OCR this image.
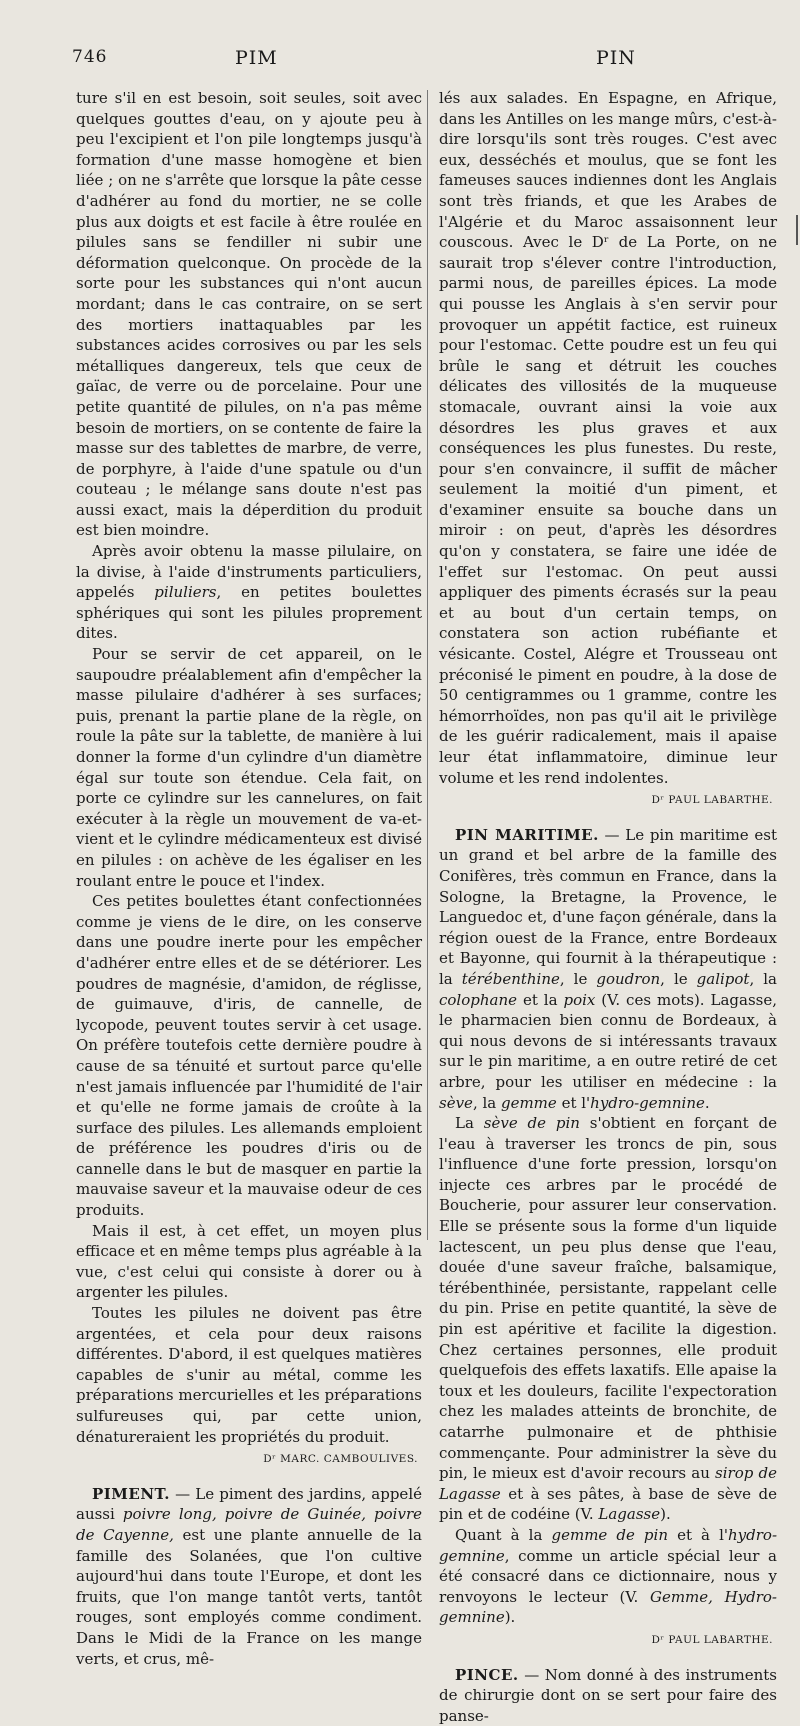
746	PIM	PIN

ture s'il en est besoin, soit seules, soit avec quelques gouttes d'eau, on y ajoute peu à peu l'excipient et l'on pile longtemps jusqu'à formation d'une masse homogène et bien liée ; on ne s'arrête que lorsque la pâte cesse d'adhérer au fond du mortier, ne se colle plus aux doigts et est facile à être roulée en pilules sans se fendiller ni subir une déformation quelconque. On procède de la sorte pour les substances qui n'ont aucun mordant; dans le cas contraire, on se sert des mortiers inattaquables par les substances acides corrosives ou par les sels métalliques dangereux, tels que ceux de gaïac, de verre ou de porcelaine. Pour une petite quantité de pilules, on n'a pas même besoin de mortiers, on se contente de faire la masse sur des tablettes de marbre, de verre, de porphyre, à l'aide d'une spatule ou d'un couteau ; le mélange sans doute n'est pas aussi exact, mais la déperdition du produit est bien moindre.

Après avoir obtenu la masse pilulaire, on la divise, à l'aide d'instruments particuliers, appelés piluliers, en petites boulettes sphériques qui sont les pilules proprement dites.

Pour se servir de cet appareil, on le saupoudre préalablement afin d'empêcher la masse pilulaire d'adhérer à ses surfaces; puis, prenant la partie plane de la règle, on roule la pâte sur la tablette, de manière à lui donner la forme d'un cylindre d'un diamètre égal sur toute son étendue. Cela fait, on porte ce cylindre sur les cannelures, on fait exécuter à la règle un mouvement de va-et-vient et le cylindre médicamenteux est divisé en pilules : on achève de les égaliser en les roulant entre le pouce et l'index.

Ces petites boulettes étant confectionnées comme je viens de le dire, on les conserve dans une poudre inerte pour les empêcher d'adhérer entre elles et de se détériorer. Les poudres de magnésie, d'amidon, de réglisse, de guimauve, d'iris, de cannelle, de lycopode, peuvent toutes servir à cet usage. On préfère toutefois cette dernière poudre à cause de sa ténuité et surtout parce qu'elle n'est jamais influencée par l'humidité de l'air et qu'elle ne forme jamais de croûte à la surface des pilules. Les allemands emploient de préférence les poudres d'iris ou de cannelle dans le but de masquer en partie la mauvaise saveur et la mauvaise odeur de ces produits.

Mais il est, à cet effet, un moyen plus efficace et en même temps plus agréable à la vue, c'est celui qui consiste à dorer ou à argenter les pilules.

Toutes les pilules ne doivent pas être argentées, et cela pour deux raisons différentes. D'abord, il est quelques matières capables de s'unir au métal, comme les préparations mercurielles et les préparations sulfureuses qui, par cette union, dénatureraient les propriétés du produit.

Dʳ MARC. CAMBOULIVES.

PIMENT. — Le piment des jardins, appelé aussi poivre long, poivre de Guinée, poivre de Cayenne, est une plante annuelle de la famille des Solanées, que l'on cultive aujourd'hui dans toute l'Europe, et dont les fruits, que l'on mange tantôt verts, tantôt rouges, sont employés comme condiment. Dans le Midi de la France on les mange verts, et crus, mê-

lés aux salades. En Espagne, en Afrique, dans les Antilles on les mange mûrs, c'est-à-dire lorsqu'ils sont très rouges. C'est avec eux, desséchés et moulus, que se font les fameuses sauces indiennes dont les Anglais sont très friands, et que les Arabes de l'Algérie et du Maroc assaisonnent leur couscous. Avec le Dʳ de La Porte, on ne saurait trop s'élever contre l'introduction, parmi nous, de pareilles épices. La mode qui pousse les Anglais à s'en servir pour provoquer un appétit factice, est ruineux pour l'estomac. Cette poudre est un feu qui brûle le sang et détruit les couches délicates des villosités de la muqueuse stomacale, ouvrant ainsi la voie aux désordres les plus graves et aux conséquences les plus funestes. Du reste, pour s'en convaincre, il suffit de mâcher seulement la moitié d'un piment, et d'examiner ensuite sa bouche dans un miroir : on peut, d'après les désordres qu'on y constatera, se faire une idée de l'effet sur l'estomac. On peut aussi appliquer des piments écrasés sur la peau et au bout d'un certain temps, on constatera son action rubéfiante et vésicante. Costel, Alégre et Trousseau ont préconisé le piment en poudre, à la dose de 50 centigrammes ou 1 gramme, contre les hémorrhoïdes, non pas qu'il ait le privilège de les guérir radicalement, mais il apaise leur état inflammatoire, diminue leur volume et les rend indolentes.

Dʳ PAUL LABARTHE.

PIN MARITIME. — Le pin maritime est un grand et bel arbre de la famille des Conifères, très commun en France, dans la Sologne, la Bretagne, la Provence, le Languedoc et, d'une façon générale, dans la région ouest de la France, entre Bordeaux et Bayonne, qui fournit à la thérapeutique : la térébenthine, le goudron, le galipot, la colophane et la poix (V. ces mots). Lagasse, le pharmacien bien connu de Bordeaux, à qui nous devons de si intéressants travaux sur le pin maritime, a en outre retiré de cet arbre, pour les utiliser en médecine : la sève, la gemme et l'hydro-gemnine.

La sève de pin s'obtient en forçant de l'eau à traverser les troncs de pin, sous l'influence d'une forte pression, lorsqu'on injecte ces arbres par le procédé de Boucherie, pour assurer leur conservation. Elle se présente sous la forme d'un liquide lactescent, un peu plus dense que l'eau, douée d'une saveur fraîche, balsamique, térébenthinée, persistante, rappelant celle du pin. Prise en petite quantité, la sève de pin est apéritive et facilite la digestion. Chez certaines personnes, elle produit quelquefois des effets laxatifs. Elle apaise la toux et les douleurs, facilite l'expectoration chez les malades atteints de bronchite, de catarrhe pulmonaire et de phthisie commençante. Pour administrer la sève du pin, le mieux est d'avoir recours au sirop de Lagasse et à ses pâtes, à base de sève de pin et de codéine (V. Lagasse).

Quant à la gemme de pin et à l'hydro-gemnine, comme un article spécial leur a été consacré dans ce dictionnaire, nous y renvoyons le lecteur (V. Gemme, Hydro-gemnine).

Dʳ PAUL LABARTHE.

PINCE. — Nom donné à des instruments de chirurgie dont on se sert pour faire des panse-
